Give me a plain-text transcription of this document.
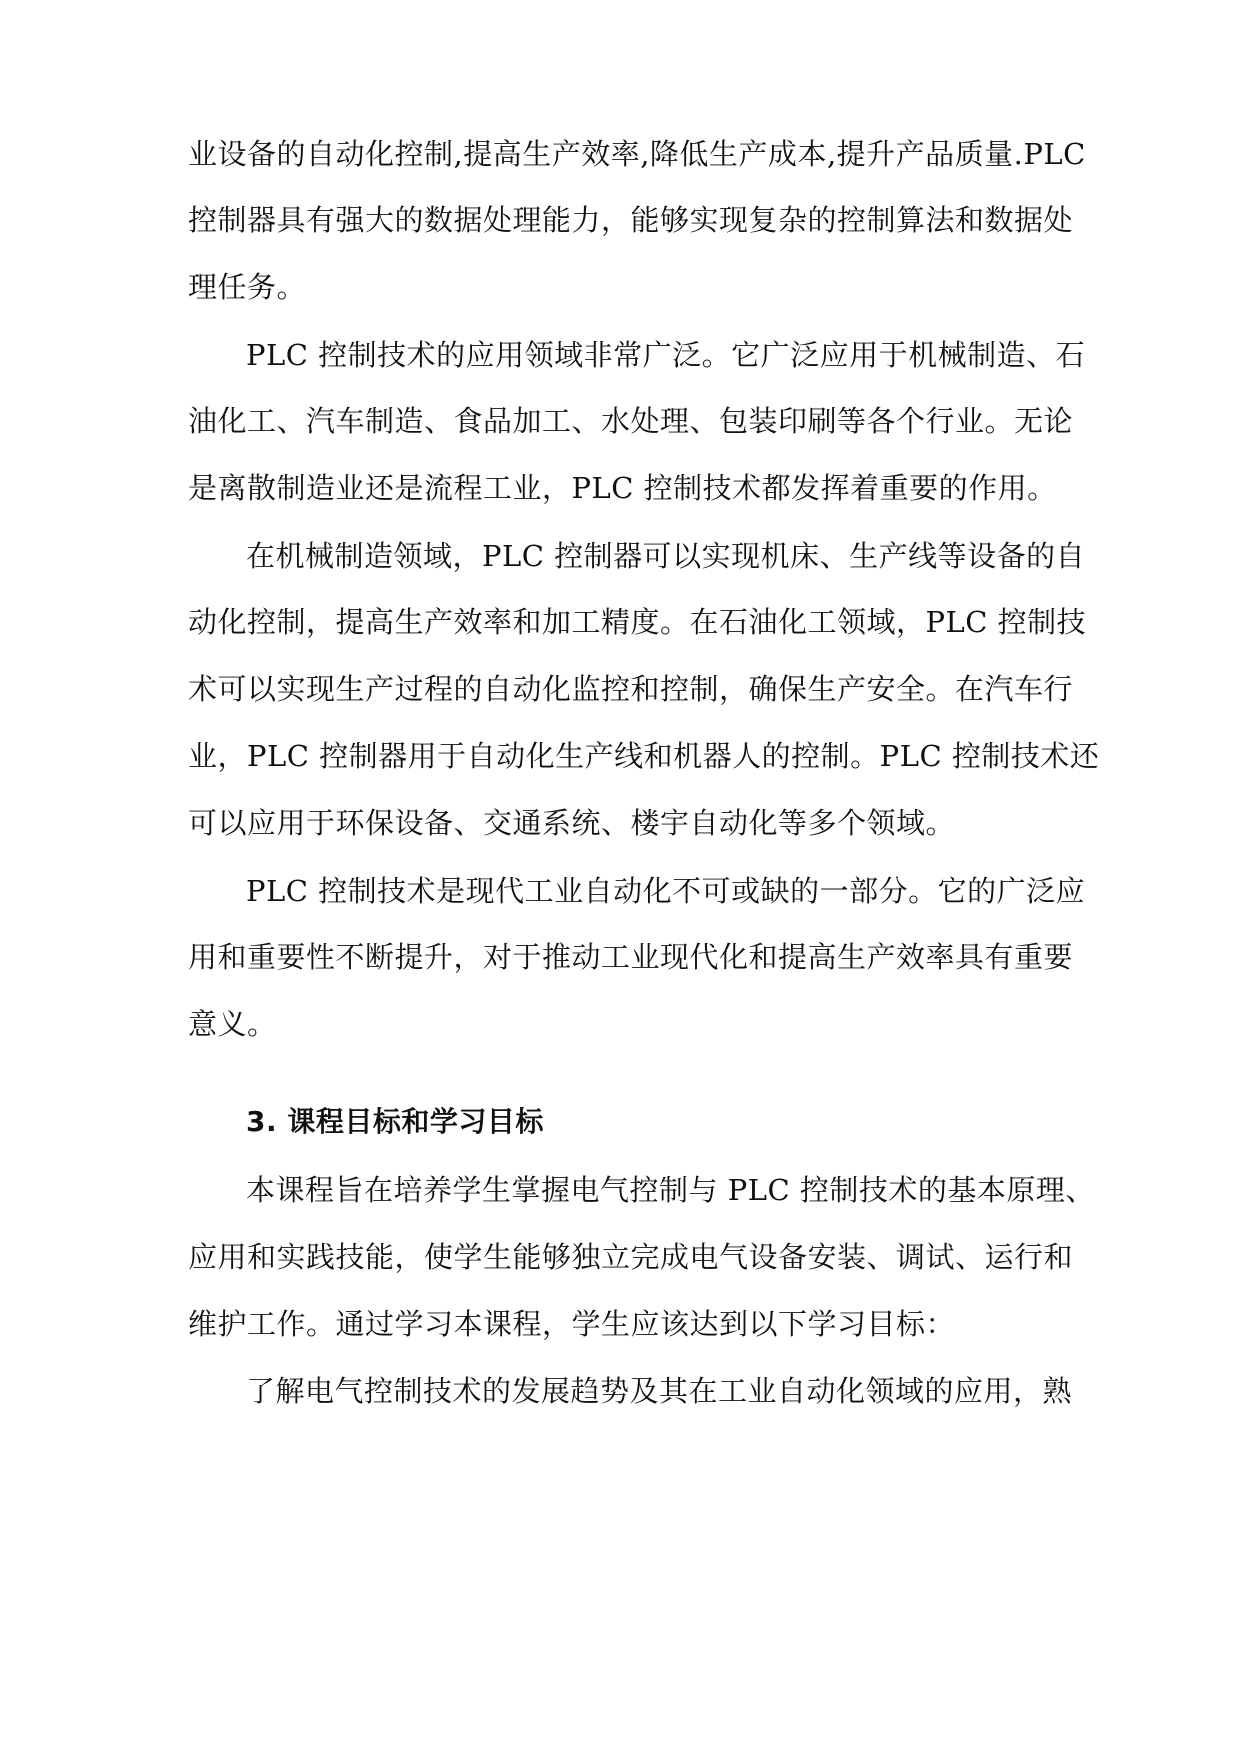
业设备的自动化控制,提高生产效率,降低生产成本,提升产品质量.PLC
控制器具有强大的数据处理能力，能够实现复杂的控制算法和数据处
理任务。
PLC 控制技术的应用领域非常广泛。它广泛应用于机械制造、石
油化工、汽车制造、食品加工、水处理、包装印刷等各个行业。无论
是离散制造业还是流程工业，PLC 控制技术都发挥着重要的作用。
在机械制造领域，PLC 控制器可以实现机床、生产线等设备的自
动化控制，提高生产效率和加工精度。在石油化工领域，PLC 控制技
术可以实现生产过程的自动化监控和控制，确保生产安全。在汽车行
业，PLC 控制器用于自动化生产线和机器人的控制。PLC 控制技术还
可以应用于环保设备、交通系统、楼宇自动化等多个领域。
PLC 控制技术是现代工业自动化不可或缺的一部分。它的广泛应
用和重要性不断提升，对于推动工业现代化和提高生产效率具有重要
意义。
3. 课程目标和学习目标
本课程旨在培养学生掌握电气控制与 PLC 控制技术的基本原理、
应用和实践技能，使学生能够独立完成电气设备安装、调试、运行和
维护工作。通过学习本课程，学生应该达到以下学习目标：
了解电气控制技术的发展趋势及其在工业自动化领域的应用，熟
